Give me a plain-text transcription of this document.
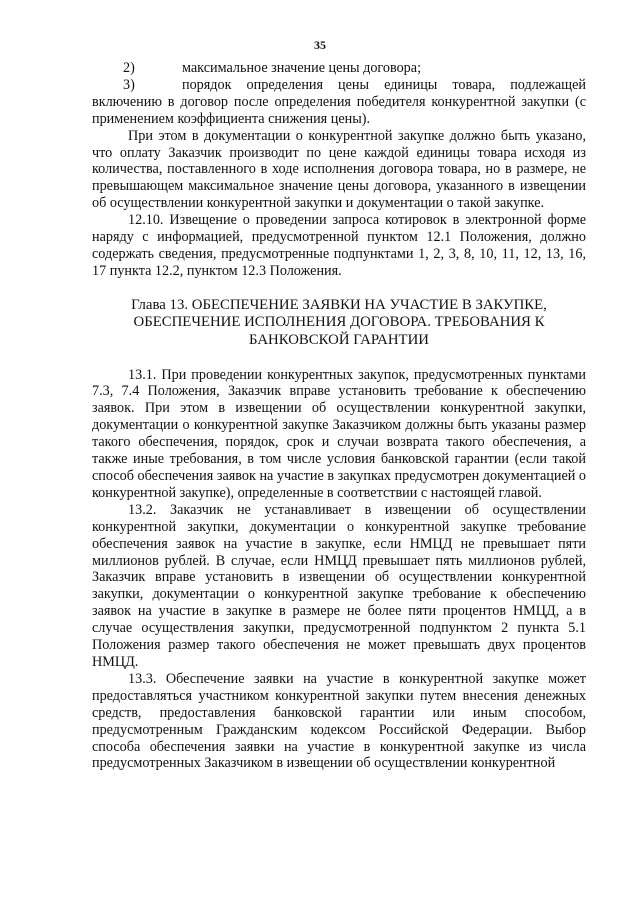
35
2)	максимальное значение цены договора;
3)	порядок определения цены единицы товара, подлежащей включению в договор после определения победителя конкурентной закупки (с применением коэффициента снижения цены).

При этом в документации о конкурентной закупке должно быть указано, что оплату Заказчик производит по цене каждой единицы товара исходя из количества, поставленного в ходе исполнения договора товара, но в размере, не превышающем максимальное значение цены договора, указанного в извещении об осуществлении конкурентной закупки и документации о такой закупке.

12.10. Извещение о проведении запроса котировок в электронной форме наряду с информацией, предусмотренной пунктом 12.1 Положения, должно содержать сведения, предусмотренные подпунктами 1, 2, 3, 8, 10, 11, 12, 13, 16, 17 пункта 12.2, пунктом 12.3 Положения.

Глава 13. ОБЕСПЕЧЕНИЕ ЗАЯВКИ НА УЧАСТИЕ В ЗАКУПКЕ,
ОБЕСПЕЧЕНИЕ ИСПОЛНЕНИЯ ДОГОВОРА. ТРЕБОВАНИЯ К
БАНКОВСКОЙ ГАРАНТИИ

13.1. При проведении конкурентных закупок, предусмотренных пунктами 7.3, 7.4 Положения, Заказчик вправе установить требование к обеспечению заявок. При этом в извещении об осуществлении конкурентной закупки, документации о конкурентной закупке Заказчиком должны быть указаны размер такого обеспечения, порядок, срок и случаи возврата такого обеспечения, а также иные требования, в том числе условия банковской гарантии (если такой способ обеспечения заявок на участие в закупках предусмотрен документацией о конкурентной закупке), определенные в соответствии с настоящей главой.

13.2. Заказчик не устанавливает в извещении об осуществлении конкурентной закупки, документации о конкурентной закупке требование обеспечения заявок на участие в закупке, если НМЦД не превышает пяти миллионов рублей. В случае, если НМЦД превышает пять миллионов рублей, Заказчик вправе установить в извещении об осуществлении конкурентной закупки, документации о конкурентной закупке требование к обеспечению заявок на участие в закупке в размере не более пяти процентов НМЦД, а в случае осуществления закупки, предусмотренной подпунктом 2 пункта 5.1 Положения размер такого обеспечения не может превышать двух процентов НМЦД.

13.3. Обеспечение заявки на участие в конкурентной закупке может предоставляться участником конкурентной закупки путем внесения денежных средств, предоставления банковской гарантии или иным способом, предусмотренным Гражданским кодексом Российской Федерации. Выбор способа обеспечения заявки на участие в конкурентной закупке из числа предусмотренных Заказчиком в извещении об осуществлении конкурентной
